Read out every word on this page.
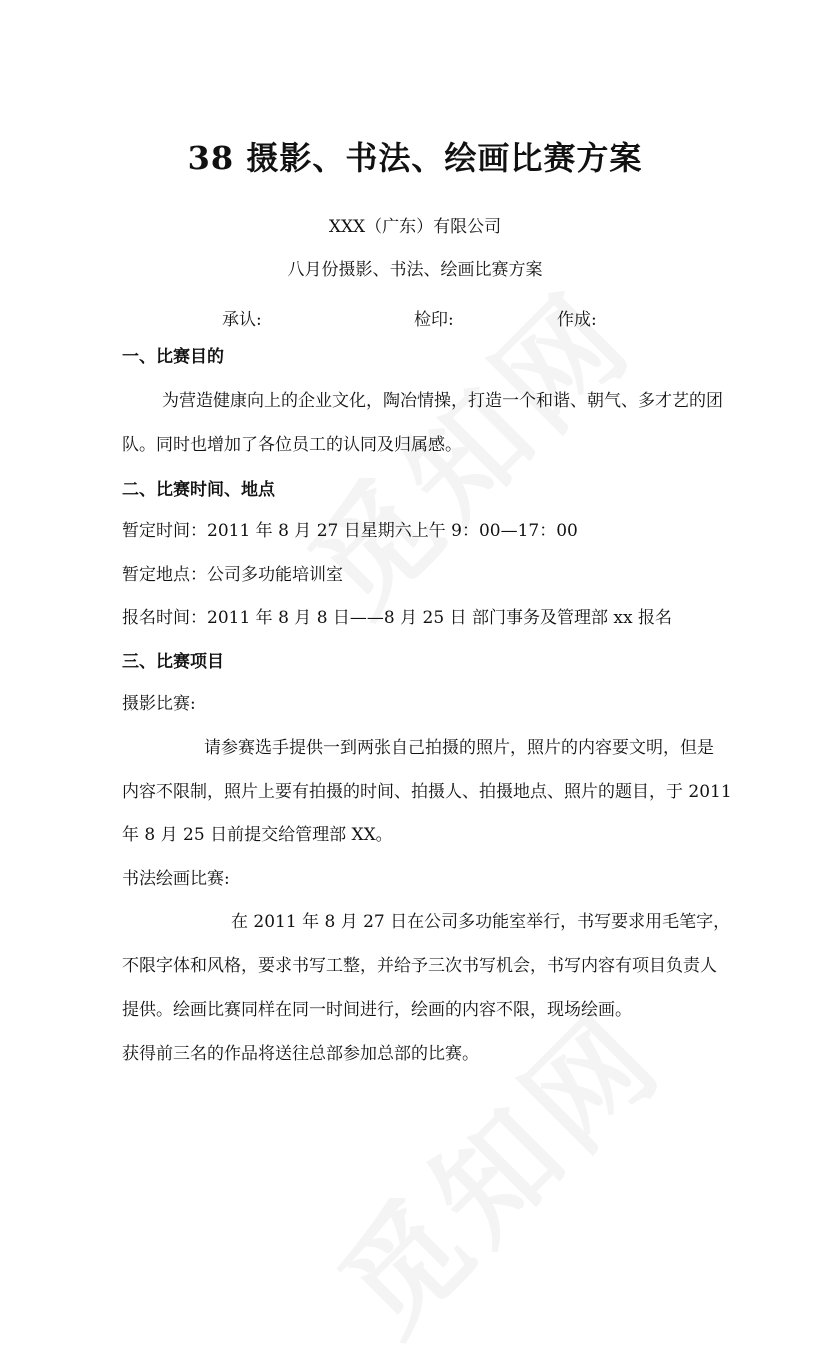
38 摄影、书法、绘画比赛方案
XXX（广东）有限公司
八月份摄影、书法、绘画比赛方案
承认:	检印:	作成:
一、比赛目的
为营造健康向上的企业文化，陶冶情操，打造一个和谐、朝气、多才艺的团
队。同时也增加了各位员工的认同及归属感。
二、比赛时间、地点
暂定时间：2011 年 8 月 27 日星期六上午 9：00—17：00
暂定地点：公司多功能培训室
报名时间：2011 年 8 月 8 日——8 月 25 日 部门事务及管理部 xx 报名
三、比赛项目
摄影比赛:
请参赛选手提供一到两张自己拍摄的照片，照片的内容要文明，但是
内容不限制，照片上要有拍摄的时间、拍摄人、拍摄地点、照片的题目，于 2011
年 8 月 25 日前提交给管理部 XX。
书法绘画比赛:
在 2011 年 8 月 27 日在公司多功能室举行，书写要求用毛笔字，
不限字体和风格，要求书写工整，并给予三次书写机会，书写内容有项目负责人
提供。绘画比赛同样在同一时间进行，绘画的内容不限，现场绘画。
获得前三名的作品将送往总部参加总部的比赛。
